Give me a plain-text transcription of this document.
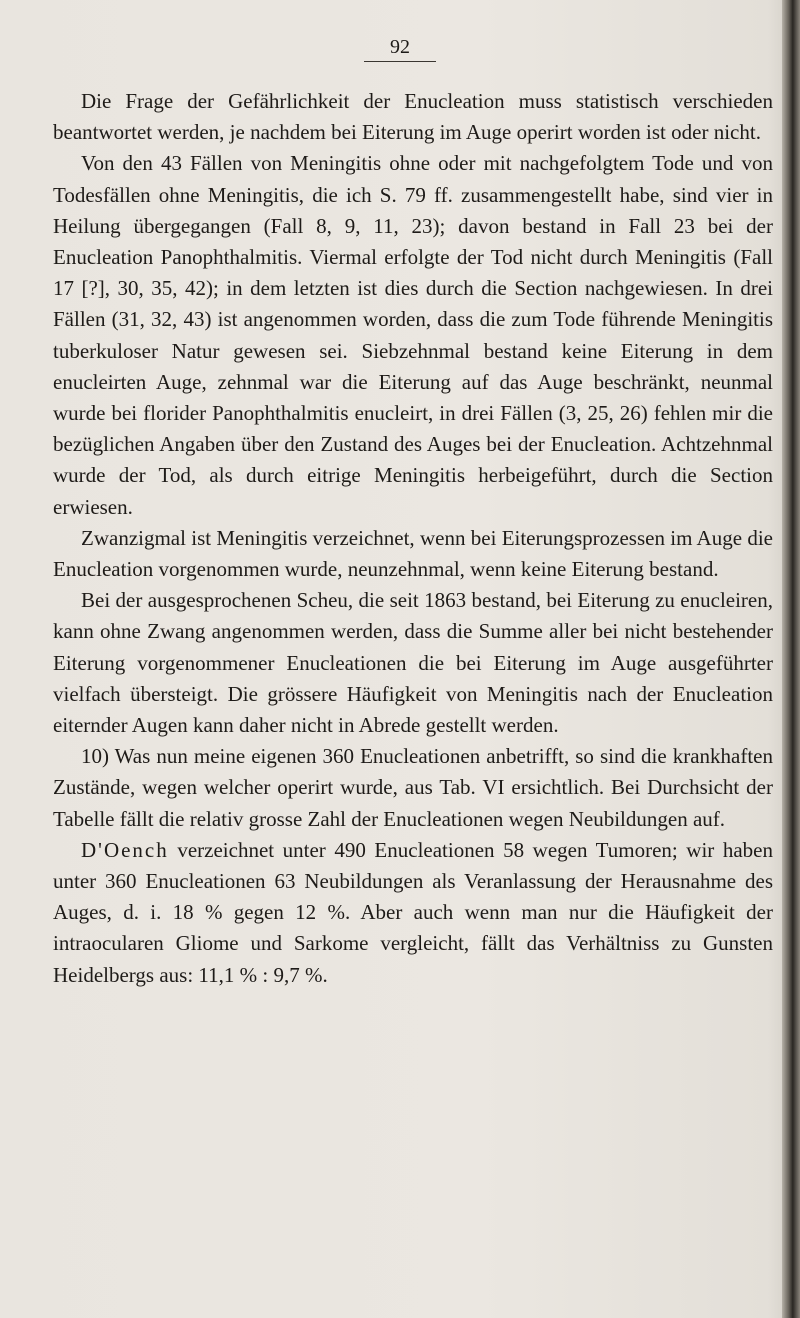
92

Die Frage der Gefährlichkeit der Enucleation muss statistisch verschieden beantwortet werden, je nachdem bei Eiterung im Auge operirt worden ist oder nicht.

Von den 43 Fällen von Meningitis ohne oder mit nachgefolgtem Tode und von Todesfällen ohne Meningitis, die ich S. 79 ff. zusammengestellt habe, sind vier in Heilung übergegangen (Fall 8, 9, 11, 23); davon bestand in Fall 23 bei der Enucleation Panophthalmitis. Viermal erfolgte der Tod nicht durch Meningitis (Fall 17 [?], 30, 35, 42); in dem letzten ist dies durch die Section nachgewiesen. In drei Fällen (31, 32, 43) ist angenommen worden, dass die zum Tode führende Meningitis tuberkuloser Natur gewesen sei. Siebzehnmal bestand keine Eiterung in dem enucleirten Auge, zehnmal war die Eiterung auf das Auge beschränkt, neunmal wurde bei florider Panophthalmitis enucleirt, in drei Fällen (3, 25, 26) fehlen mir die bezüglichen Angaben über den Zustand des Auges bei der Enucleation. Achtzehnmal wurde der Tod, als durch eitrige Meningitis herbeigeführt, durch die Section erwiesen.

Zwanzigmal ist Meningitis verzeichnet, wenn bei Eiterungsprozessen im Auge die Enucleation vorgenommen wurde, neunzehnmal, wenn keine Eiterung bestand.

Bei der ausgesprochenen Scheu, die seit 1863 bestand, bei Eiterung zu enucleiren, kann ohne Zwang angenommen werden, dass die Summe aller bei nicht bestehender Eiterung vorgenommener Enucleationen die bei Eiterung im Auge ausgeführter vielfach übersteigt. Die grössere Häufigkeit von Meningitis nach der Enucleation eiternder Augen kann daher nicht in Abrede gestellt werden.

10) Was nun meine eigenen 360 Enucleationen anbetrifft, so sind die krankhaften Zustände, wegen welcher operirt wurde, aus Tab. VI ersichtlich. Bei Durchsicht der Tabelle fällt die relativ grosse Zahl der Enucleationen wegen Neubildungen auf.

D'Oench verzeichnet unter 490 Enucleationen 58 wegen Tumoren; wir haben unter 360 Enucleationen 63 Neubildungen als Veranlassung der Herausnahme des Auges, d. i. 18 % gegen 12 %. Aber auch wenn man nur die Häufigkeit der intraocularen Gliome und Sarkome vergleicht, fällt das Verhältniss zu Gunsten Heidelbergs aus: 11,1 % : 9,7 %.
